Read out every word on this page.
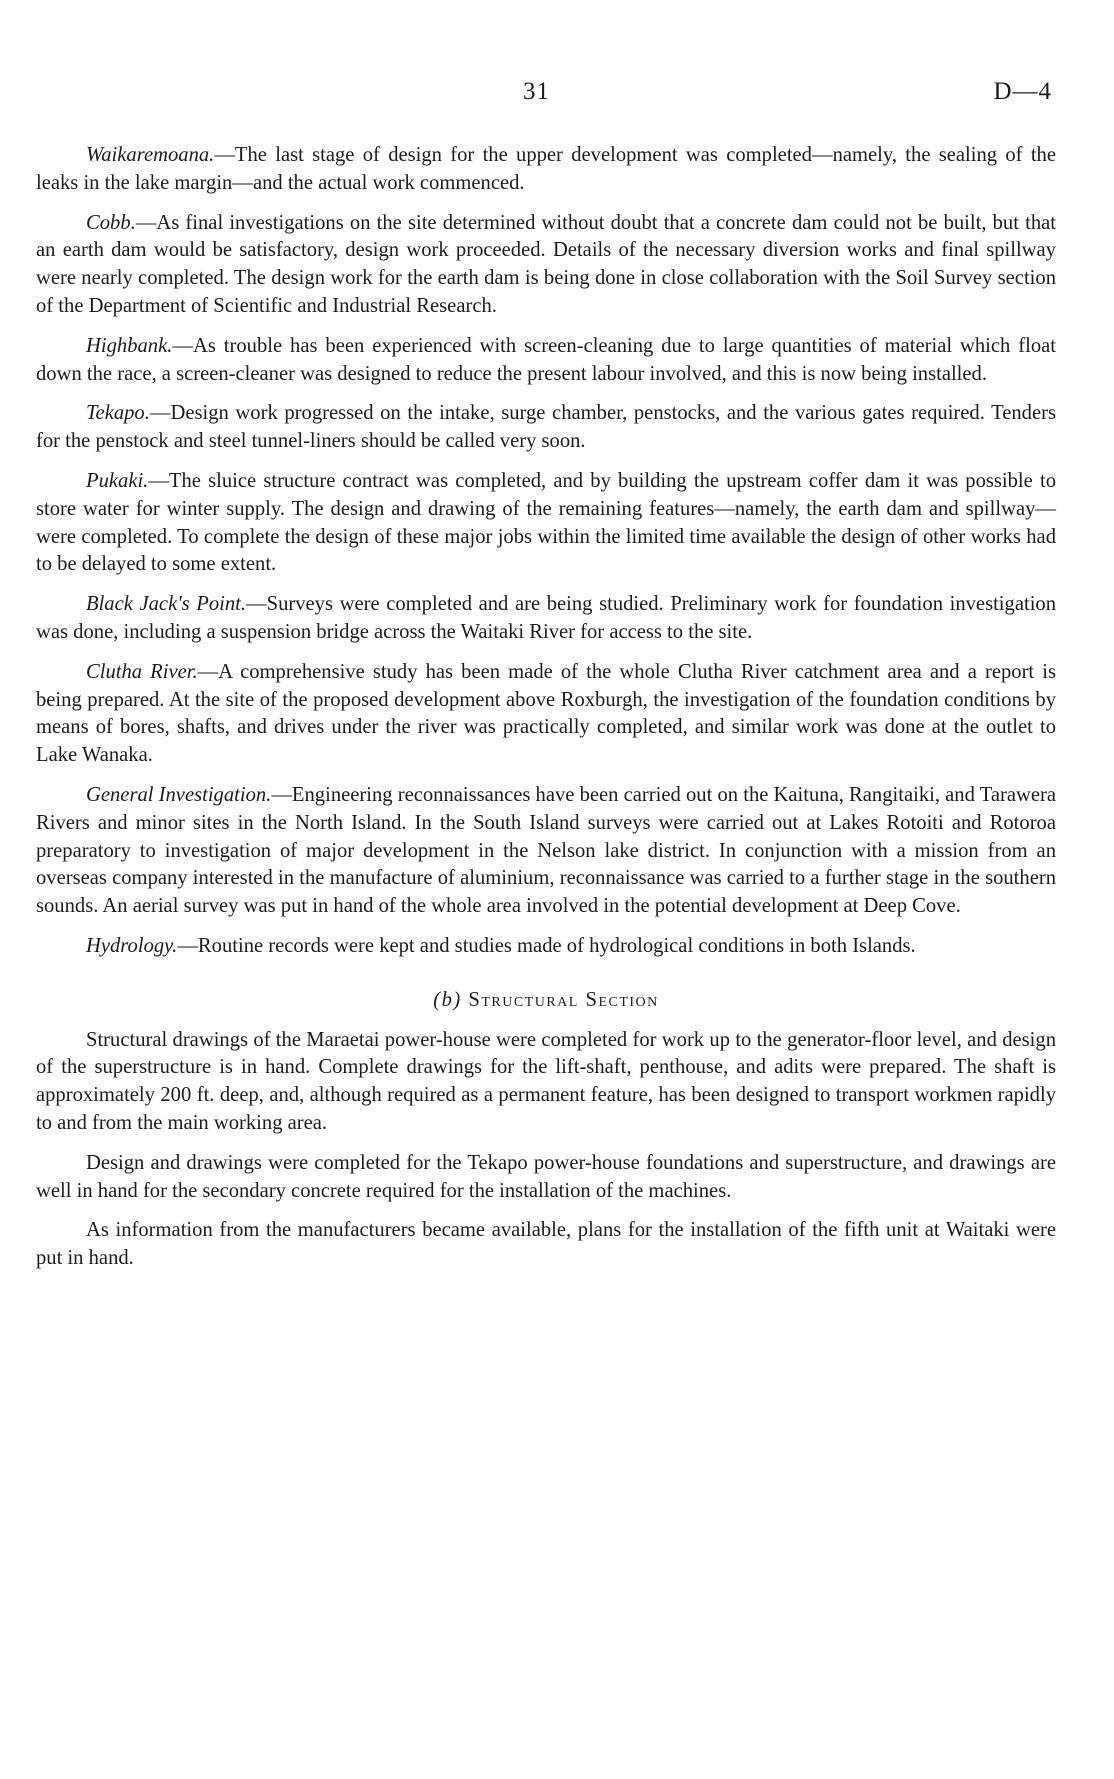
31	D—4

Waikaremoana.—The last stage of design for the upper development was completed—namely, the sealing of the leaks in the lake margin—and the actual work commenced.

Cobb.—As final investigations on the site determined without doubt that a concrete dam could not be built, but that an earth dam would be satisfactory, design work proceeded. Details of the necessary diversion works and final spillway were nearly completed. The design work for the earth dam is being done in close collaboration with the Soil Survey section of the Department of Scientific and Industrial Research.

Highbank.—As trouble has been experienced with screen-cleaning due to large quantities of material which float down the race, a screen-cleaner was designed to reduce the present labour involved, and this is now being installed.

Tekapo.—Design work progressed on the intake, surge chamber, penstocks, and the various gates required. Tenders for the penstock and steel tunnel-liners should be called very soon.

Pukaki.—The sluice structure contract was completed, and by building the upstream coffer dam it was possible to store water for winter supply. The design and drawing of the remaining features—namely, the earth dam and spillway—were completed. To complete the design of these major jobs within the limited time available the design of other works had to be delayed to some extent.

Black Jack's Point.—Surveys were completed and are being studied. Preliminary work for foundation investigation was done, including a suspension bridge across the Waitaki River for access to the site.

Clutha River.—A comprehensive study has been made of the whole Clutha River catchment area and a report is being prepared. At the site of the proposed development above Roxburgh, the investigation of the foundation conditions by means of bores, shafts, and drives under the river was practically completed, and similar work was done at the outlet to Lake Wanaka.

General Investigation.—Engineering reconnaissances have been carried out on the Kaituna, Rangitaiki, and Tarawera Rivers and minor sites in the North Island. In the South Island surveys were carried out at Lakes Rotoiti and Rotoroa preparatory to investigation of major development in the Nelson lake district. In conjunction with a mission from an overseas company interested in the manufacture of aluminium, reconnaissance was carried to a further stage in the southern sounds. An aerial survey was put in hand of the whole area involved in the potential development at Deep Cove.

Hydrology.—Routine records were kept and studies made of hydrological conditions in both Islands.

(b) Structural Section

Structural drawings of the Maraetai power-house were completed for work up to the generator-floor level, and design of the superstructure is in hand. Complete drawings for the lift-shaft, penthouse, and adits were prepared. The shaft is approximately 200 ft. deep, and, although required as a permanent feature, has been designed to transport workmen rapidly to and from the main working area.

Design and drawings were completed for the Tekapo power-house foundations and superstructure, and drawings are well in hand for the secondary concrete required for the installation of the machines.

As information from the manufacturers became available, plans for the installation of the fifth unit at Waitaki were put in hand.
